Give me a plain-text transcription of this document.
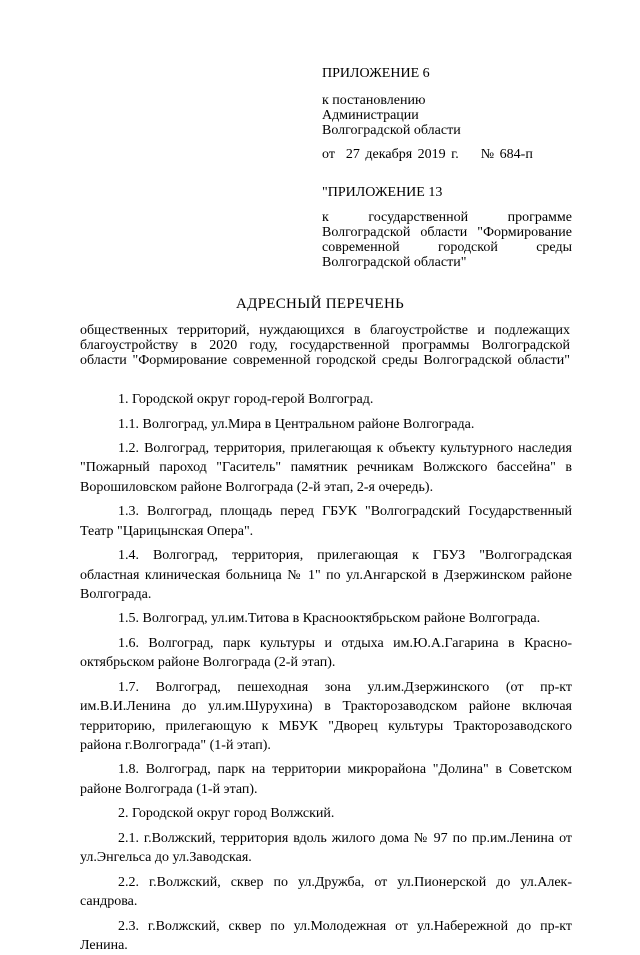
ПРИЛОЖЕНИЕ 6
к постановлению
Администрации
Волгоградской области
от  27 декабря 2019 г.    № 684-п
"ПРИЛОЖЕНИЕ 13
к государственной программе Волгоградской области "Формирование современной городской среды
Волгоградской области"
АДРЕСНЫЙ ПЕРЕЧЕНЬ
общественных территорий, нуждающихся в благоустройстве и подлежащих
благоустройству в 2020 году, государственной программы Волгоградской
области "Формирование современной городской среды Волгоградской области"

1. Городской округ город-герой Волгоград.

1.1. Волгоград, ул.Мира в Центральном районе Волгограда.

1.2. Волгоград, территория, прилегающая к объекту культурного наследия "Пожарный пароход "Гаситель" памятник речникам Волжского бассейна" в Ворошиловском районе Волгограда (2-й этап, 2-я очередь).

1.3. Волгоград, площадь перед ГБУК "Волгоградский Государственный Театр "Царицынская Опера".

1.4. Волгоград, территория, прилегающая к ГБУЗ "Волгоградская областная клиническая больница № 1" по ул.Ангарской в Дзержинском районе Волгограда.

1.5. Волгоград, ул.им.Титова в Краснооктябрьском районе Волгограда.

1.6. Волгоград, парк культуры и отдыха им.Ю.А.Гагарина в Красно-октябрьском районе Волгограда (2-й этап).

1.7. Волгоград, пешеходная зона ул.им.Дзержинского (от пр-кт им.В.И.Ленина до ул.им.Шурухина) в Тракторозаводском районе включая территорию, прилегающую к МБУК "Дворец культуры Тракторозаводского района г.Волгограда" (1-й этап).

1.8. Волгоград, парк на территории микрорайона "Долина" в Советском районе Волгограда (1-й этап).

2. Городской округ город Волжский.

2.1. г.Волжский, территория вдоль жилого дома № 97 по пр.им.Ленина от ул.Энгельса до ул.Заводская.

2.2. г.Волжский, сквер по ул.Дружба, от ул.Пионерской до ул.Алек-сандрова.

2.3. г.Волжский, сквер по ул.Молодежная от ул.Набережной до пр-кт Ленина.
